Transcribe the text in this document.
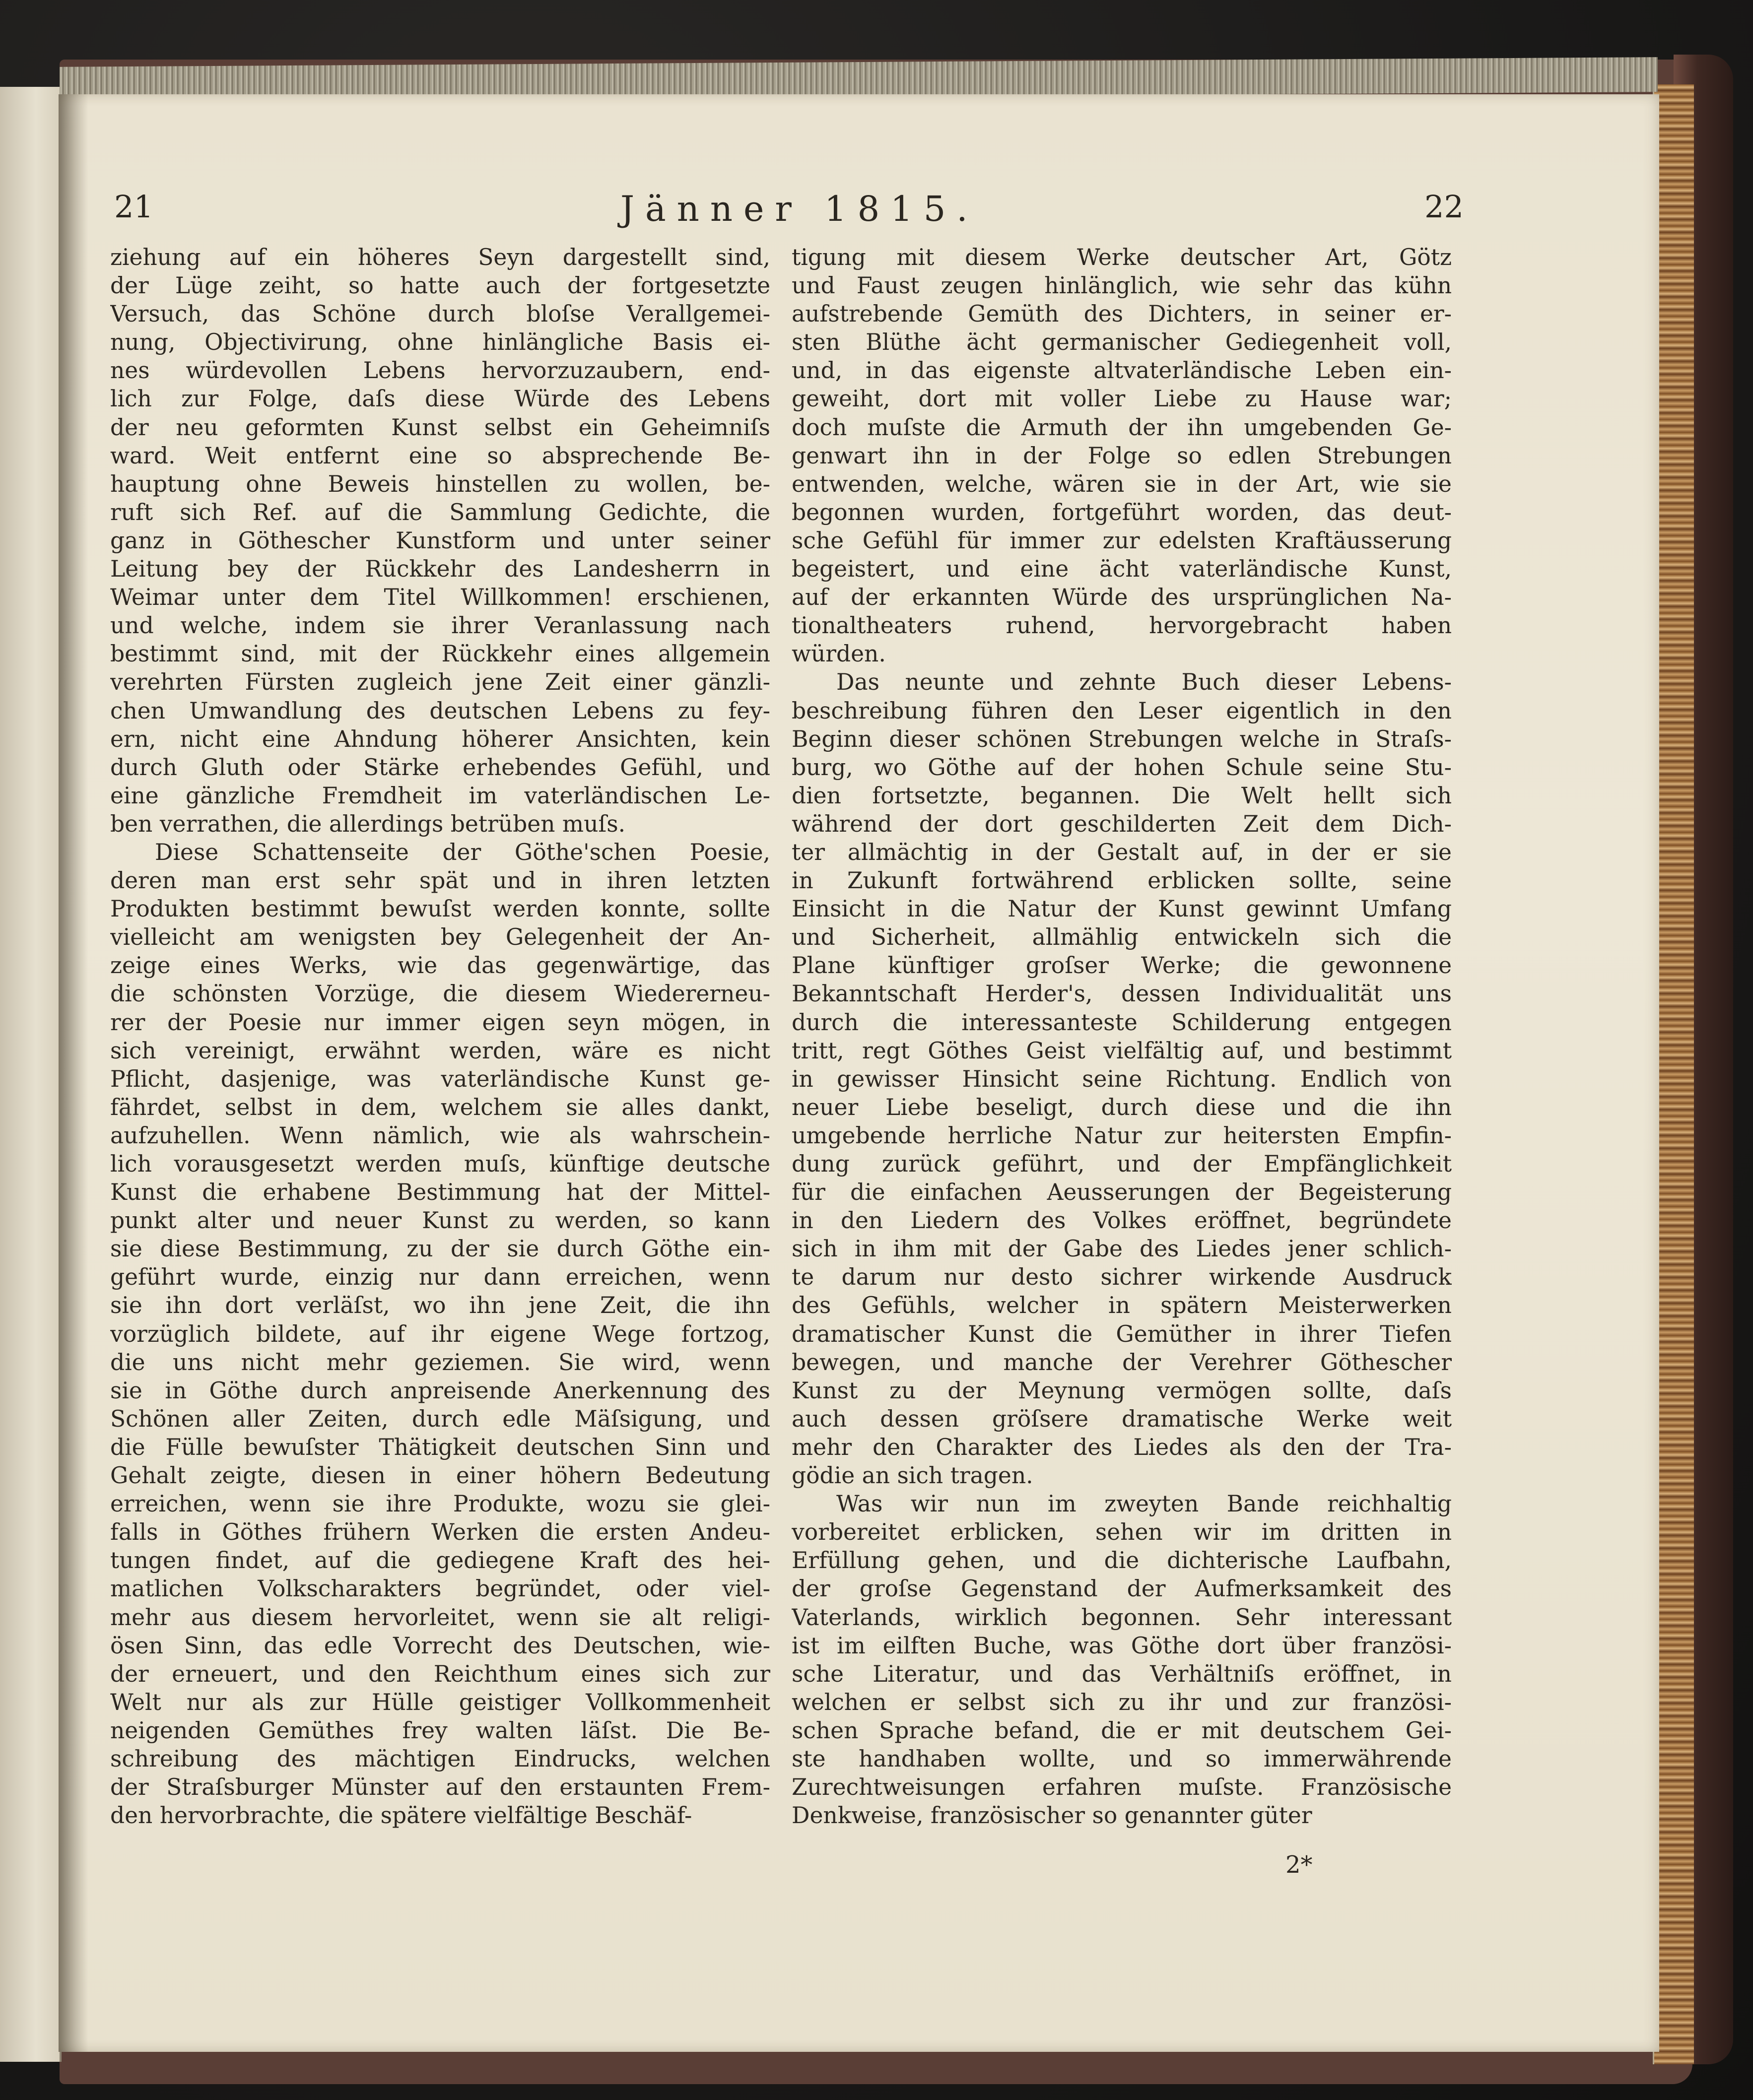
21	Jänner 1815.	22
ziehung auf ein höheres Seyn dargestellt sind,
der Lüge zeiht, so hatte auch der fortgesetzte
Versuch, das Schöne durch bloſse Verallgemei-
nung, Objectivirung, ohne hinlängliche Basis ei-
nes würdevollen Lebens hervorzuzaubern, end-
lich zur Folge, daſs diese Würde des Lebens
der neu geformten Kunst selbst ein Geheimniſs
ward. Weit entfernt eine so absprechende Be-
hauptung ohne Beweis hinstellen zu wollen, be-
ruft sich Ref. auf die Sammlung Gedichte, die
ganz in Göthescher Kunstform und unter seiner
Leitung bey der Rückkehr des Landesherrn in
Weimar unter dem Titel Willkommen! erschienen,
und welche, indem sie ihrer Veranlassung nach
bestimmt sind, mit der Rückkehr eines allgemein
verehrten Fürsten zugleich jene Zeit einer gänzli-
chen Umwandlung des deutschen Lebens zu fey-
ern, nicht eine Ahndung höherer Ansichten, kein
durch Gluth oder Stärke erhebendes Gefühl, und
eine gänzliche Fremdheit im vaterländischen Le-
ben verrathen, die allerdings betrüben muſs.
Diese Schattenseite der Göthe'schen Poesie,
deren man erst sehr spät und in ihren letzten
Produkten bestimmt bewuſst werden konnte, sollte
vielleicht am wenigsten bey Gelegenheit der An-
zeige eines Werks, wie das gegenwärtige, das
die schönsten Vorzüge, die diesem Wiedererneu-
rer der Poesie nur immer eigen seyn mögen, in
sich vereinigt, erwähnt werden, wäre es nicht
Pflicht, dasjenige, was vaterländische Kunst ge-
fährdet, selbst in dem, welchem sie alles dankt,
aufzuhellen. Wenn nämlich, wie als wahrschein-
lich vorausgesetzt werden muſs, künftige deutsche
Kunst die erhabene Bestimmung hat der Mittel-
punkt alter und neuer Kunst zu werden, so kann
sie diese Bestimmung, zu der sie durch Göthe ein-
geführt wurde, einzig nur dann erreichen, wenn
sie ihn dort verläſst, wo ihn jene Zeit, die ihn
vorzüglich bildete, auf ihr eigene Wege fortzog,
die uns nicht mehr geziemen. Sie wird, wenn
sie in Göthe durch anpreisende Anerkennung des
Schönen aller Zeiten, durch edle Mäſsigung, und
die Fülle bewuſster Thätigkeit deutschen Sinn und
Gehalt zeigte, diesen in einer höhern Bedeutung
erreichen, wenn sie ihre Produkte, wozu sie glei-
falls in Göthes frühern Werken die ersten Andeu-
tungen findet, auf die gediegene Kraft des hei-
matlichen Volkscharakters begründet, oder viel-
mehr aus diesem hervorleitet, wenn sie alt religi-
ösen Sinn, das edle Vorrecht des Deutschen, wie-
der erneuert, und den Reichthum eines sich zur
Welt nur als zur Hülle geistiger Vollkommenheit
neigenden Gemüthes frey walten läſst. Die Be-
schreibung des mächtigen Eindrucks, welchen
der Straſsburger Münster auf den erstaunten Frem-
den hervorbrachte, die spätere vielfältige Beschäf-
tigung mit diesem Werke deutscher Art, Götz
und Faust zeugen hinlänglich, wie sehr das kühn
aufstrebende Gemüth des Dichters, in seiner er-
sten Blüthe ächt germanischer Gediegenheit voll,
und, in das eigenste altvaterländische Leben ein-
geweiht, dort mit voller Liebe zu Hause war;
doch muſste die Armuth der ihn umgebenden Ge-
genwart ihn in der Folge so edlen Strebungen
entwenden, welche, wären sie in der Art, wie sie
begonnen wurden, fortgeführt worden, das deut-
sche Gefühl für immer zur edelsten Kraftäusserung
begeistert, und eine ächt vaterländische Kunst,
auf der erkannten Würde des ursprünglichen Na-
tionaltheaters ruhend, hervorgebracht haben
würden.
Das neunte und zehnte Buch dieser Lebens-
beschreibung führen den Leser eigentlich in den
Beginn dieser schönen Strebungen welche in Straſs-
burg, wo Göthe auf der hohen Schule seine Stu-
dien fortsetzte, begannen. Die Welt hellt sich
während der dort geschilderten Zeit dem Dich-
ter allmächtig in der Gestalt auf, in der er sie
in Zukunft fortwährend erblicken sollte, seine
Einsicht in die Natur der Kunst gewinnt Umfang
und Sicherheit, allmählig entwickeln sich die
Plane künftiger groſser Werke; die gewonnene
Bekanntschaft Herder's, dessen Individualität uns
durch die interessanteste Schilderung entgegen
tritt, regt Göthes Geist vielfältig auf, und bestimmt
in gewisser Hinsicht seine Richtung. Endlich von
neuer Liebe beseligt, durch diese und die ihn
umgebende herrliche Natur zur heitersten Empfin-
dung zurück geführt, und der Empfänglichkeit
für die einfachen Aeusserungen der Begeisterung
in den Liedern des Volkes eröffnet, begründete
sich in ihm mit der Gabe des Liedes jener schlich-
te darum nur desto sichrer wirkende Ausdruck
des Gefühls, welcher in spätern Meisterwerken
dramatischer Kunst die Gemüther in ihrer Tiefen
bewegen, und manche der Verehrer Göthescher
Kunst zu der Meynung vermögen sollte, daſs
auch dessen gröſsere dramatische Werke weit
mehr den Charakter des Liedes als den der Tra-
gödie an sich tragen.
Was wir nun im zweyten Bande reichhaltig
vorbereitet erblicken, sehen wir im dritten in
Erfüllung gehen, und die dichterische Laufbahn,
der groſse Gegenstand der Aufmerksamkeit des
Vaterlands, wirklich begonnen. Sehr interessant
ist im eilften Buche, was Göthe dort über französi-
sche Literatur, und das Verhältniſs eröffnet, in
welchen er selbst sich zu ihr und zur französi-
schen Sprache befand, die er mit deutschem Gei-
ste handhaben wollte, und so immerwährende
Zurechtweisungen erfahren muſste. Französische
Denkweise, französischer so genannter güter
2*
